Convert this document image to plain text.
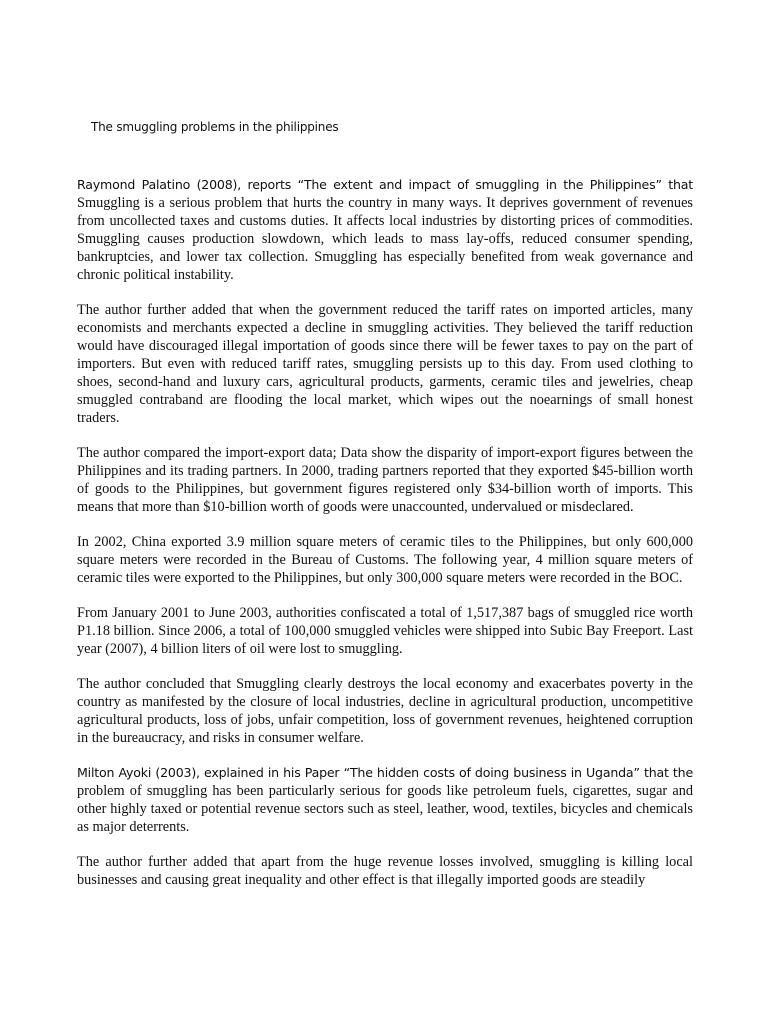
The smuggling problems in the philippines

Raymond Palatino (2008), reports “The extent and impact of smuggling in the Philippines” that Smuggling is a serious problem that hurts the country in many ways. It deprives government of revenues from uncollected taxes and customs duties. It affects local industries by distorting prices of commodities. Smuggling causes production slowdown, which leads to mass lay-offs, reduced consumer spending, bankruptcies, and lower tax collection. Smuggling has especially benefited from weak governance and chronic political instability.

The author further added that when the government reduced the tariff rates on imported articles, many economists and merchants expected a decline in smuggling activities. They believed the tariff reduction would have discouraged illegal importation of goods since there will be fewer taxes to pay on the part of importers. But even with reduced tariff rates, smuggling persists up to this day. From used clothing to shoes, second-hand and luxury cars, agricultural products, garments, ceramic tiles and jewelries, cheap smuggled contraband are flooding the local market, which wipes out the noearnings of small honest traders.

The author compared the import-export data; Data show the disparity of import-export figures between the Philippines and its trading partners. In 2000, trading partners reported that they exported $45-billion worth of goods to the Philippines, but government figures registered only $34-billion worth of imports. This means that more than $10-billion worth of goods were unaccounted, undervalued or misdeclared.

In 2002, China exported 3.9 million square meters of ceramic tiles to the Philippines, but only 600,000 square meters were recorded in the Bureau of Customs. The following year, 4 million square meters of ceramic tiles were exported to the Philippines, but only 300,000 square meters were recorded in the BOC.

From January 2001 to June 2003, authorities confiscated a total of 1,517,387 bags of smuggled rice worth P1.18 billion. Since 2006, a total of 100,000 smuggled vehicles were shipped into Subic Bay Freeport. Last year (2007), 4 billion liters of oil were lost to smuggling.

The author concluded that Smuggling clearly destroys the local economy and exacerbates poverty in the country as manifested by the closure of local industries, decline in agricultural production, uncompetitive agricultural products, loss of jobs, unfair competition, loss of government revenues, heightened corruption in the bureaucracy, and risks in consumer welfare.

Milton Ayoki (2003), explained in his Paper “The hidden costs of doing business in Uganda” that the problem of smuggling has been particularly serious for goods like petroleum fuels, cigarettes, sugar and other highly taxed or potential revenue sectors such as steel, leather, wood, textiles, bicycles and chemicals as major deterrents.

The author further added that apart from the huge revenue losses involved, smuggling is killing local businesses and causing great inequality and other effect is that illegally imported goods are steadily
